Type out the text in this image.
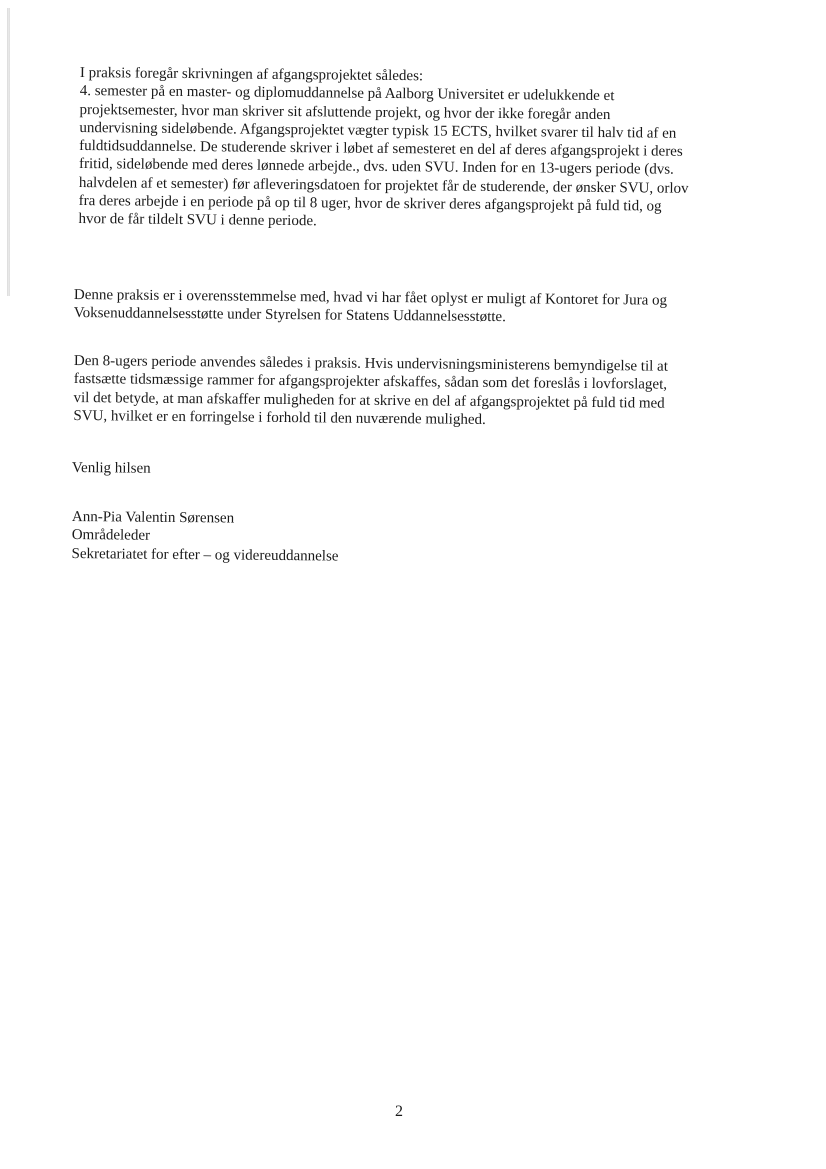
I praksis foregår skrivningen af afgangsprojektet således:
4. semester på en master- og diplomuddannelse på Aalborg Universitet er udelukkende et
projektsemester, hvor man skriver sit afsluttende projekt, og hvor der ikke foregår anden
undervisning sideløbende. Afgangsprojektet vægter typisk 15 ECTS, hvilket svarer til halv tid af en
fuldtidsuddannelse. De studerende skriver i løbet af semesteret en del af deres afgangsprojekt i deres
fritid, sideløbende med deres lønnede arbejde., dvs. uden SVU. Inden for en 13-ugers periode (dvs.
halvdelen af et semester) før afleveringsdatoen for projektet får de studerende, der ønsker SVU, orlov
fra deres arbejde i en periode på op til 8 uger, hvor de skriver deres afgangsprojekt på fuld tid, og
hvor de får tildelt SVU i denne periode.

Denne praksis er i overensstemmelse med, hvad vi har fået oplyst er muligt af Kontoret for Jura og
Voksenuddannelsesstøtte under Styrelsen for Statens Uddannelsesstøtte.

Den 8-ugers periode anvendes således i praksis. Hvis undervisningsministerens bemyndigelse til at
fastsætte tidsmæssige rammer for afgangsprojekter afskaffes, sådan som det foreslås i lovforslaget,
vil det betyde, at man afskaffer muligheden for at skrive en del af afgangsprojektet på fuld tid med
SVU, hvilket er en forringelse i forhold til den nuværende mulighed.

Venlig hilsen

Ann-Pia Valentin Sørensen
Områdeleder
Sekretariatet for efter – og videreuddannelse

2
